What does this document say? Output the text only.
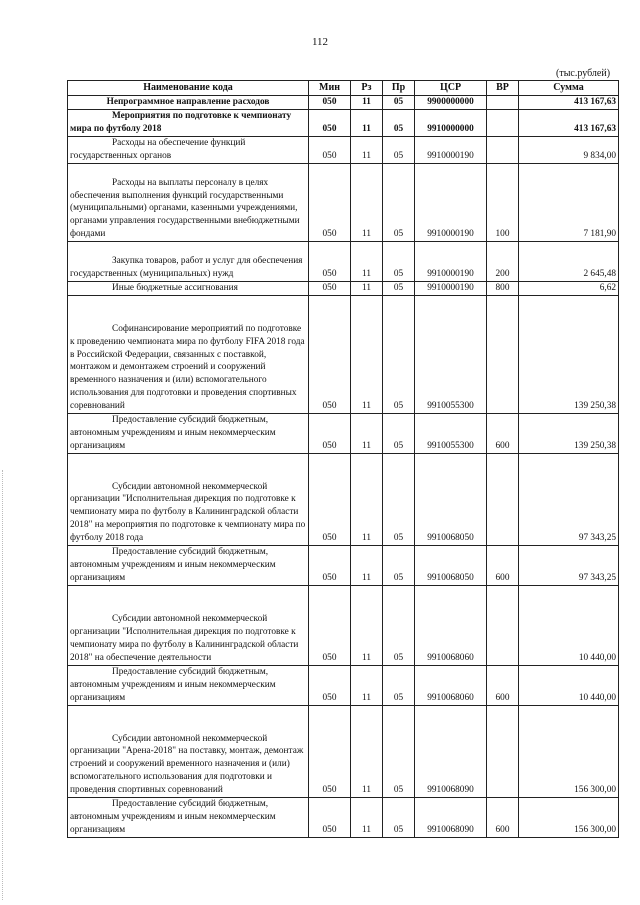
112
(тыс.рублей)
Наименование кода	Мин	Рз	Пр	ЦСР	ВР	Сумма
Непрограммное направление расходов	050	11	05	9900000000		413 167,63
Мероприятия по подготовке к чемпионату мира по футболу 2018	050	11	05	9910000000		413 167,63
Расходы на обеспечение функций государственных органов	050	11	05	9910000190		9 834,00
Расходы на выплаты персоналу в целях обеспечения выполнения функций государственными (муниципальными) органами, казенными учреждениями, органами управления государственными внебюджетными фондами	050	11	05	9910000190	100	7 181,90
Закупка товаров, работ и услуг для обеспечения государственных (муниципальных) нужд	050	11	05	9910000190	200	2 645,48
Иные бюджетные ассигнования	050	11	05	9910000190	800	6,62
Софинансирование мероприятий по подготовке к проведению чемпионата мира по футболу FIFA 2018 года в Российской Федерации, связанных с поставкой, монтажом и демонтажем строений и сооружений временного назначения и (или) вспомогательного использования для подготовки и проведения спортивных соревнований	050	11	05	9910055300		139 250,38
Предоставление субсидий бюджетным, автономным учреждениям и иным некоммерческим организациям	050	11	05	9910055300	600	139 250,38
Субсидии автономной некоммерческой организации "Исполнительная дирекция по подготовке к чемпионату мира по футболу в Калининградской области 2018" на мероприятия по подготовке к чемпионату мира по футболу 2018 года	050	11	05	9910068050		97 343,25
Предоставление субсидий бюджетным, автономным учреждениям и иным некоммерческим организациям	050	11	05	9910068050	600	97 343,25
Субсидии автономной некоммерческой организации "Исполнительная дирекция по подготовке к чемпионату мира по футболу в Калининградской области 2018" на обеспечение деятельности	050	11	05	9910068060		10 440,00
Предоставление субсидий бюджетным, автономным учреждениям и иным некоммерческим организациям	050	11	05	9910068060	600	10 440,00
Субсидии автономной некоммерческой организации "Арена-2018" на поставку, монтаж, демонтаж строений и сооружений временного назначения и (или) вспомогательного использования для подготовки и проведения спортивных соревнований	050	11	05	9910068090		156 300,00
Предоставление субсидий бюджетным, автономным учреждениям и иным некоммерческим организациям	050	11	05	9910068090	600	156 300,00
